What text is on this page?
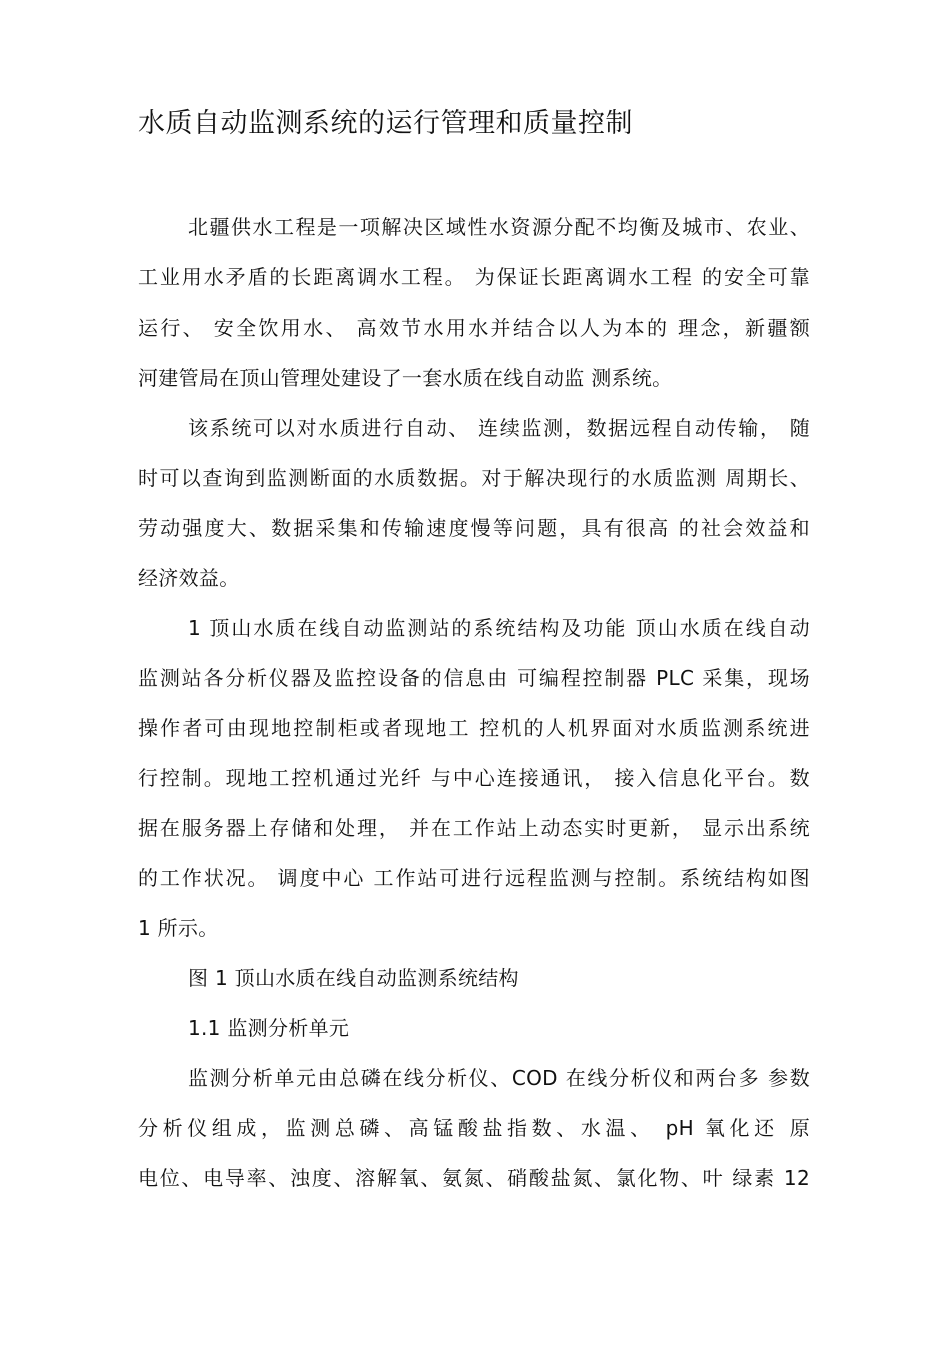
水质自动监测系统的运行管理和质量控制
北疆供水工程是一项解决区域性水资源分配不均衡及城市、农业、
工业用水矛盾的长距离调水工程。 为保证长距离调水工程 的安全可靠
运行、 安全饮用水、 高效节水用水并结合以人为本的 理念，新疆额
河建管局在顶山管理处建设了一套水质在线自动监 测系统。
该系统可以对水质进行自动、 连续监测，数据远程自动传输， 随
时可以查询到监测断面的水质数据。对于解决现行的水质监测 周期长、
劳动强度大、数据采集和传输速度慢等问题，具有很高 的社会效益和
经济效益。
1 顶山水质在线自动监测站的系统结构及功能 顶山水质在线自动
监测站各分析仪器及监控设备的信息由 可编程控制器 PLC 采集，现场
操作者可由现地控制柜或者现地工 控机的人机界面对水质监测系统进
行控制。现地工控机通过光纤 与中心连接通讯， 接入信息化平台。数
据在服务器上存储和处理， 并在工作站上动态实时更新， 显示出系统
的工作状况。 调度中心 工作站可进行远程监测与控制。系统结构如图
1 所示。
图 1 顶山水质在线自动监测系统结构
1.1 监测分析单元
监测分析单元由总磷在线分析仪、COD 在线分析仪和两台多 参数
分析仪组成，监测总磷、高锰酸盐指数、水温、 pH 氧化还 原
电位、电导率、浊度、溶解氧、氨氮、硝酸盐氮、氯化物、叶 绿素 12
